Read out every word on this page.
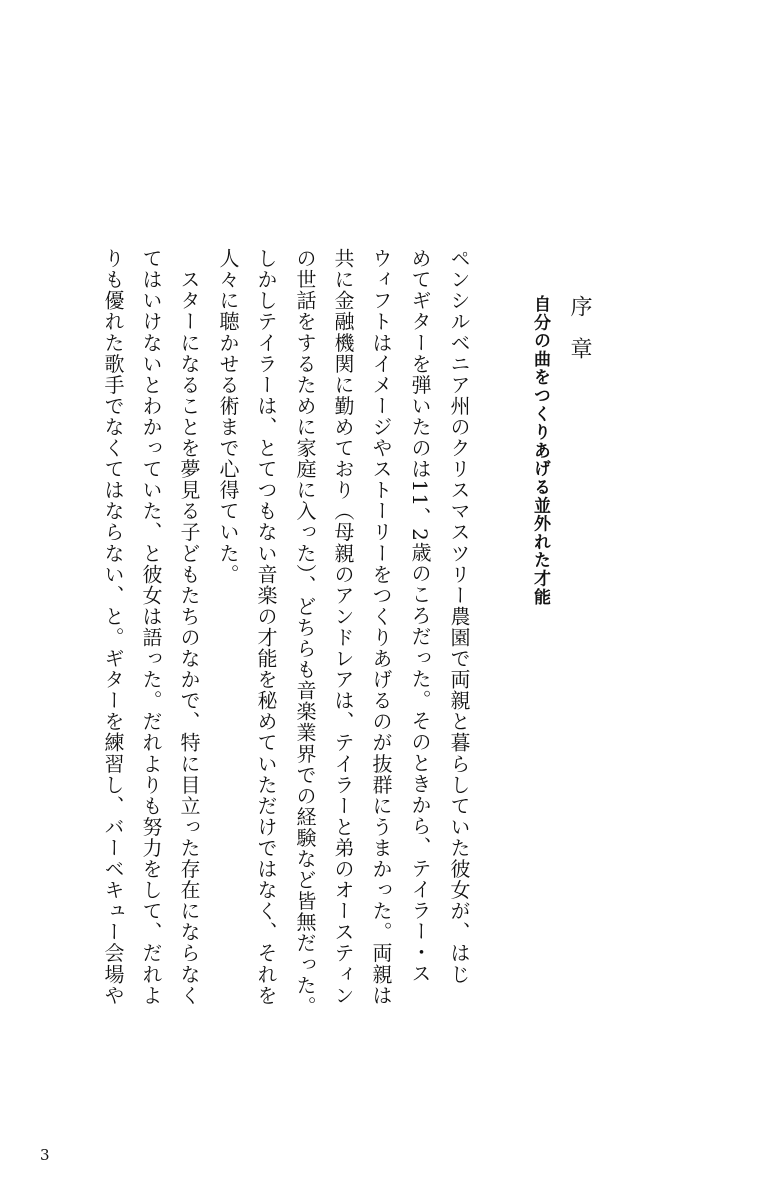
序章
自分の曲をつくりあげる並外れた才能
ペンシルベニア州のクリスマスツリー農園で両親と暮らしていた彼女が、はじ
めてギターを弾いたのは11、2歳のころだった。そのときから、テイラー・ス
ウィフトはイメージやストーリーをつくりあげるのが抜群にうまかった。両親は
共に金融機関に勤めており（母親のアンドレアは、テイラーと弟のオースティン
の世話をするために家庭に入った）、どちらも音楽業界での経験など皆無だった。
しかしテイラーは、とてつもない音楽の才能を秘めていただけではなく、それを
人々に聴かせる術まで心得ていた。
　スターになることを夢見る子どもたちのなかで、特に目立った存在にならなく
てはいけないとわかっていた、と彼女は語った。だれよりも努力をして、だれよ
りも優れた歌手でなくてはならない、と。ギターを練習し、バーベキュー会場や
3
